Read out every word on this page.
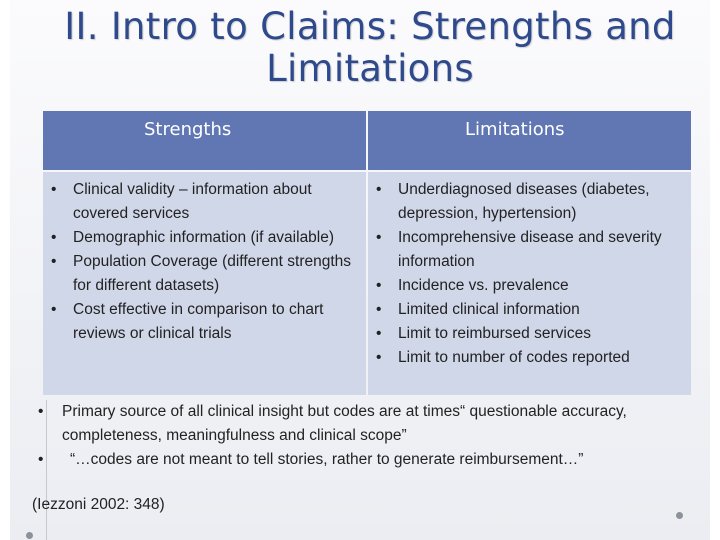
II. Intro to Claims: Strengths and Limitations
Strengths	Limitations
• Clinical validity – information about covered services
• Demographic information (if available)
• Population Coverage (different strengths for different datasets)
• Cost effective in comparison to chart reviews or clinical trials
• Underdiagnosed diseases (diabetes, depression, hypertension)
• Incomprehensive disease and severity information
• Incidence vs. prevalence
• Limited clinical information
• Limit to reimbursed services
• Limit to number of codes reported
• Primary source of all clinical insight but codes are at times“ questionable accuracy, completeness, meaningfulness and clinical scope”
• “…codes are not meant to tell stories, rather to generate reimbursement…”
(Iezzoni 2002: 348)
